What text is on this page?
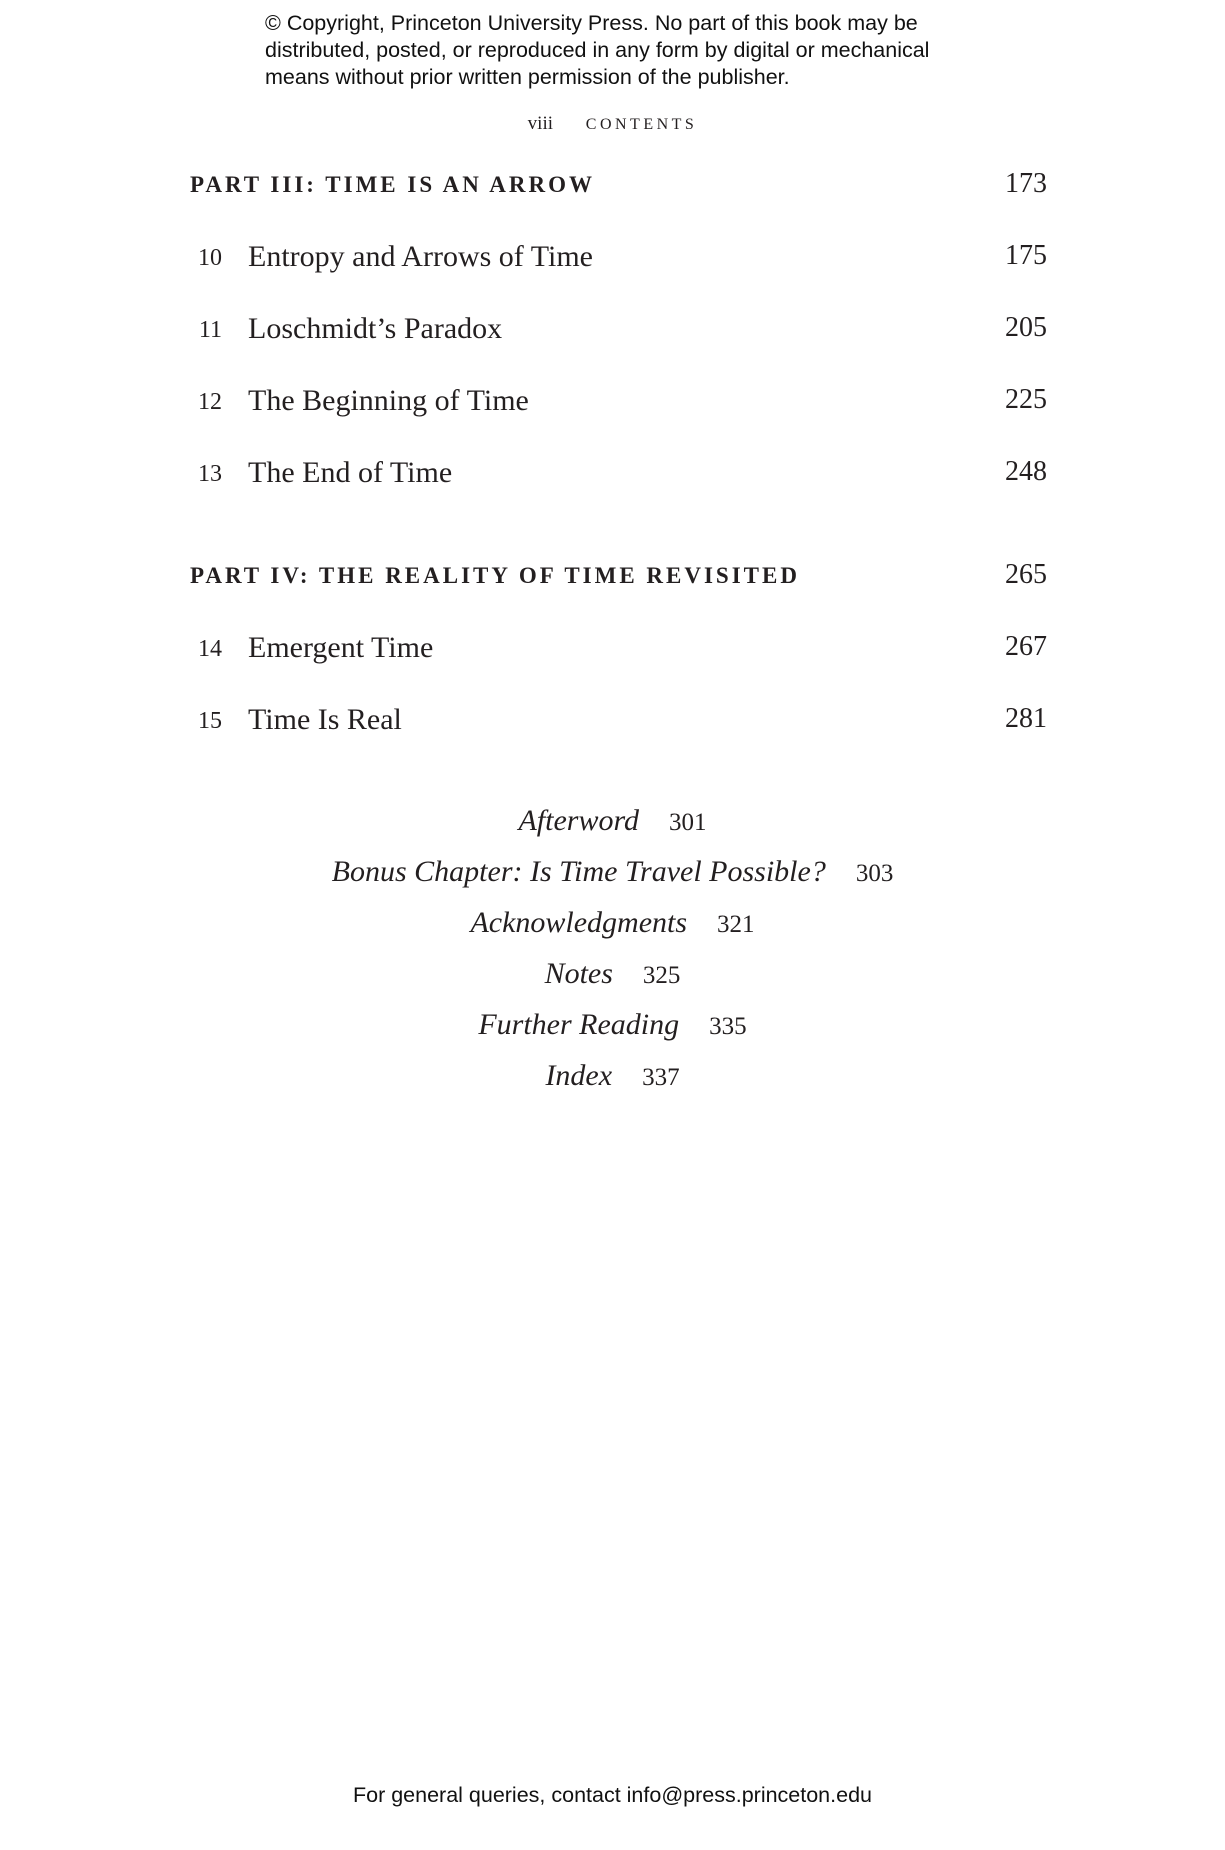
© Copyright, Princeton University Press. No part of this book may be
distributed, posted, or reproduced in any form by digital or mechanical
means without prior written permission of the publisher.
viii CONTENTS
PART III: TIME IS AN ARROW	173
10 Entropy and Arrows of Time	175
11 Loschmidt’s Paradox	205
12 The Beginning of Time	225
13 The End of Time	248
PART IV: THE REALITY OF TIME REVISITED	265
14 Emergent Time	267
15 Time Is Real	281
Afterword 301
Bonus Chapter: Is Time Travel Possible? 303
Acknowledgments 321
Notes 325
Further Reading 335
Index 337
For general queries, contact info@press.princeton.edu
